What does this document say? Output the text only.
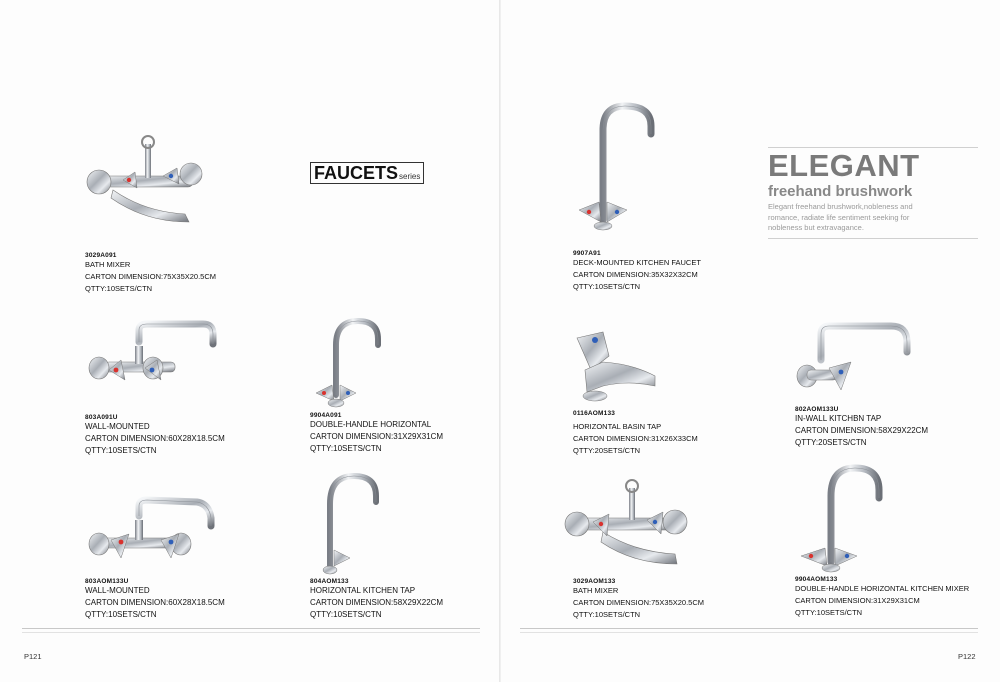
3029A091
BATH MIXER
CARTON DIMENSION:75X35X20.5CM
QTTY:10SETS/CTN
FAUCETS series
803A091U
WALL-MOUNTED
CARTON DIMENSION:60X28X18.5CM
QTTY:10SETS/CTN
9904A091
DOUBLE-HANDLE HORIZONTAL
CARTON DIMENSION:31X29X31CM
QTTY:10SETS/CTN
803AOM133U
WALL-MOUNTED
CARTON DIMENSION:60X28X18.5CM
QTTY:10SETS/CTN
804AOM133
HORIZONTAL KITCHEN TAP
CARTON DIMENSION:58X29X22CM
QTTY:10SETS/CTN
P121
9907A91
DECK-MOUNTED KITCHEN FAUCET
CARTON DIMENSION:35X32X32CM
QTTY:10SETS/CTN
ELEGANT
freehand brushwork
Elegant freehand brushwork,nobleness and romance, radiate life sentiment seeking for nobleness but extravagance.
0116AOM133
HORIZONTAL BASIN TAP
CARTON DIMENSION:31X26X33CM
QTTY:20SETS/CTN
802AOM133U
IN-WALL KITCHBN TAP
CARTON DIMENSION:58X29X22CM
QTTY:20SETS/CTN
3029AOM133
BATH MIXER
CARTON DIMENSION:75X35X20.5CM
QTTY:10SETS/CTN
9904AOM133
DOUBLE-HANDLE HORIZONTAL KITCHEN MIXER
CARTON DIMENSION:31X29X31CM
QTTY:10SETS/CTN
P122
